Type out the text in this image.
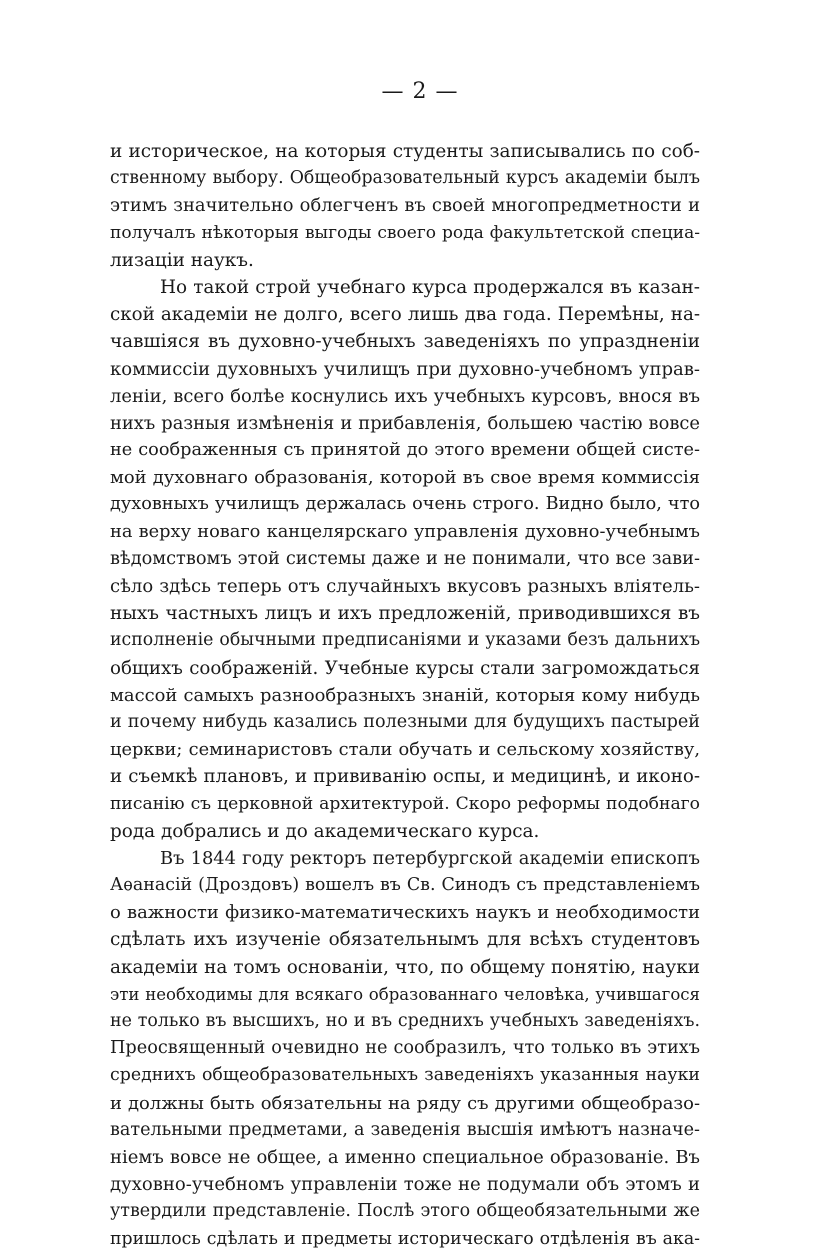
— 2 —
и историческое, на которыя студенты записывались по соб-
ственному выбору. Общеобразовательный курсъ академіи былъ
этимъ значительно облегченъ въ своей многопредметности и
получалъ нѣкоторыя выгоды своего рода факультетской специа-
лизаціи наукъ.
Но такой строй учебнаго курса продержался въ казан-
ской академіи не долго, всего лишь два года. Перемѣны, на-
чавшіяся въ духовно-учебныхъ заведеніяхъ по упраздненіи
коммиссіи духовныхъ училищъ при духовно-учебномъ управ-
леніи, всего болѣе коснулись ихъ учебныхъ курсовъ, внося въ
нихъ разныя измѣненія и прибавленія, большею частію вовсе
не соображенныя съ принятой до этого времени общей систе-
мой духовнаго образованія, которой въ свое время коммиссія
духовныхъ училищъ держалась очень строго. Видно было, что
на верху новаго канцелярскаго управленія духовно-учебнымъ
вѣдомствомъ этой системы даже и не понимали, что все зави-
сѣло здѣсь теперь отъ случайныхъ вкусовъ разныхъ вліятель-
ныхъ частныхъ лицъ и ихъ предложеній, приводившихся въ
исполненіе обычными предписаніями и указами безъ дальнихъ
общихъ соображеній. Учебные курсы стали загромождаться
массой самыхъ разнообразныхъ знаній, которыя кому нибудь
и почему нибудь казались полезными для будущихъ пастырей
церкви; семинаристовъ стали обучать и сельскому хозяйству,
и съемкѣ плановъ, и прививанію оспы, и медицинѣ, и иконо-
писанію съ церковной архитектурой. Скоро реформы подобнаго
рода добрались и до академическаго курса.
Въ 1844 году ректоръ петербургской академіи епископъ
Аѳанасій (Дроздовъ) вошелъ въ Св. Синодъ съ представленіемъ
о важности физико-математическихъ наукъ и необходимости
сдѣлать ихъ изученіе обязательнымъ для всѣхъ студентовъ
академіи на томъ основаніи, что, по общему понятію, науки
эти необходимы для всякаго образованнаго человѣка, учившагося
не только въ высшихъ, но и въ среднихъ учебныхъ заведеніяхъ.
Преосвященный очевидно не сообразилъ, что только въ этихъ
среднихъ общеобразовательныхъ заведеніяхъ указанныя науки
и должны быть обязательны на ряду съ другими общеобразо-
вательными предметами, а заведенія высшія имѣютъ назначе-
ніемъ вовсе не общее, а именно специальное образованіе. Въ
духовно-учебномъ управленіи тоже не подумали объ этомъ и
утвердили представленіе. Послѣ этого общеобязательными же
пришлось сдѣлать и предметы историческаго отдѣленія въ ака-
